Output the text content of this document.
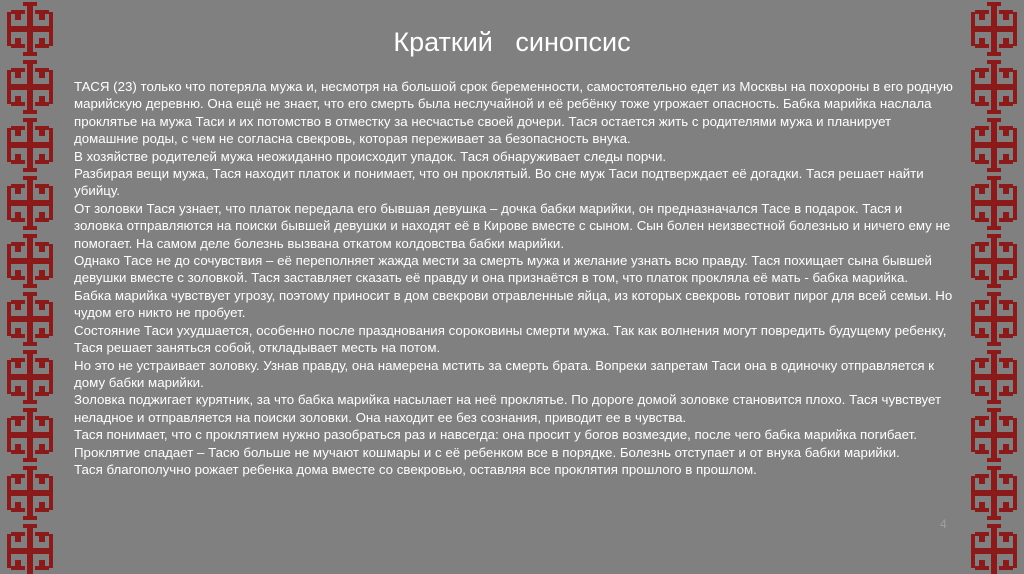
Краткий   синопсис

ТАСЯ (23) только что потеряла мужа и, несмотря на большой срок беременности, самостоятельно едет из Москвы на похороны в его родную марийскую деревню. Она ещё не знает, что его смерть была неслучайной и её ребёнку тоже угрожает опасность. Бабка марийка наслала проклятье на мужа Таси и их потомство в отместку за несчастье своей дочери. Тася остается жить с родителями мужа и планирует домашние роды, с чем не согласна свекровь, которая переживает за безопасность внука.

В хозяйстве родителей мужа неожиданно происходит упадок. Тася обнаруживает следы порчи.

Разбирая вещи мужа, Тася находит платок и понимает, что он проклятый. Во сне муж Таси подтверждает её догадки. Тася решает найти убийцу.

От золовки Тася узнает, что платок передала его бывшая девушка – дочка бабки марийки, он предназначался Тасе в подарок. Тася и золовка отправляются на поиски бывшей девушки и находят её в Кирове вместе с сыном. Сын болен неизвестной болезнью и ничего ему не помогает. На самом деле болезнь вызвана откатом колдовства бабки марийки.

Однако Тасе не до сочувствия – её переполняет жажда мести за смерть мужа и желание узнать всю правду. Тася похищает сына бывшей девушки вместе с золовкой. Тася заставляет сказать её правду и она признаётся в том, что платок прокляла её мать - бабка марийка.

Бабка марийка чувствует угрозу, поэтому приносит в дом свекрови отравленные яйца, из которых свекровь готовит пирог для всей семьи. Но чудом его никто не пробует.

Состояние Таси ухудшается, особенно после празднования сороковины смерти мужа. Так как волнения могут повредить будущему ребенку, Тася решает заняться собой, откладывает месть на потом.

Но это не устраивает золовку. Узнав правду, она намерена мстить за смерть брата. Вопреки запретам Таси она в одиночку отправляется к дому бабки марийки.

Золовка поджигает курятник, за что бабка марийка насылает на неё проклятье. По дороге домой золовке становится плохо. Тася чувствует неладное и отправляется на поиски золовки. Она находит ее без сознания, приводит ее в чувства.

Тася понимает, что с проклятием нужно разобраться раз и навсегда: она просит у богов возмездие, после чего бабка марийка погибает. Проклятие спадает – Тасю больше не мучают кошмары и с её ребенком все в порядке. Болезнь отступает и от внука бабки марийки.

Тася благополучно рожает ребенка дома вместе со свекровью, оставляя все проклятия прошлого в прошлом.

4
